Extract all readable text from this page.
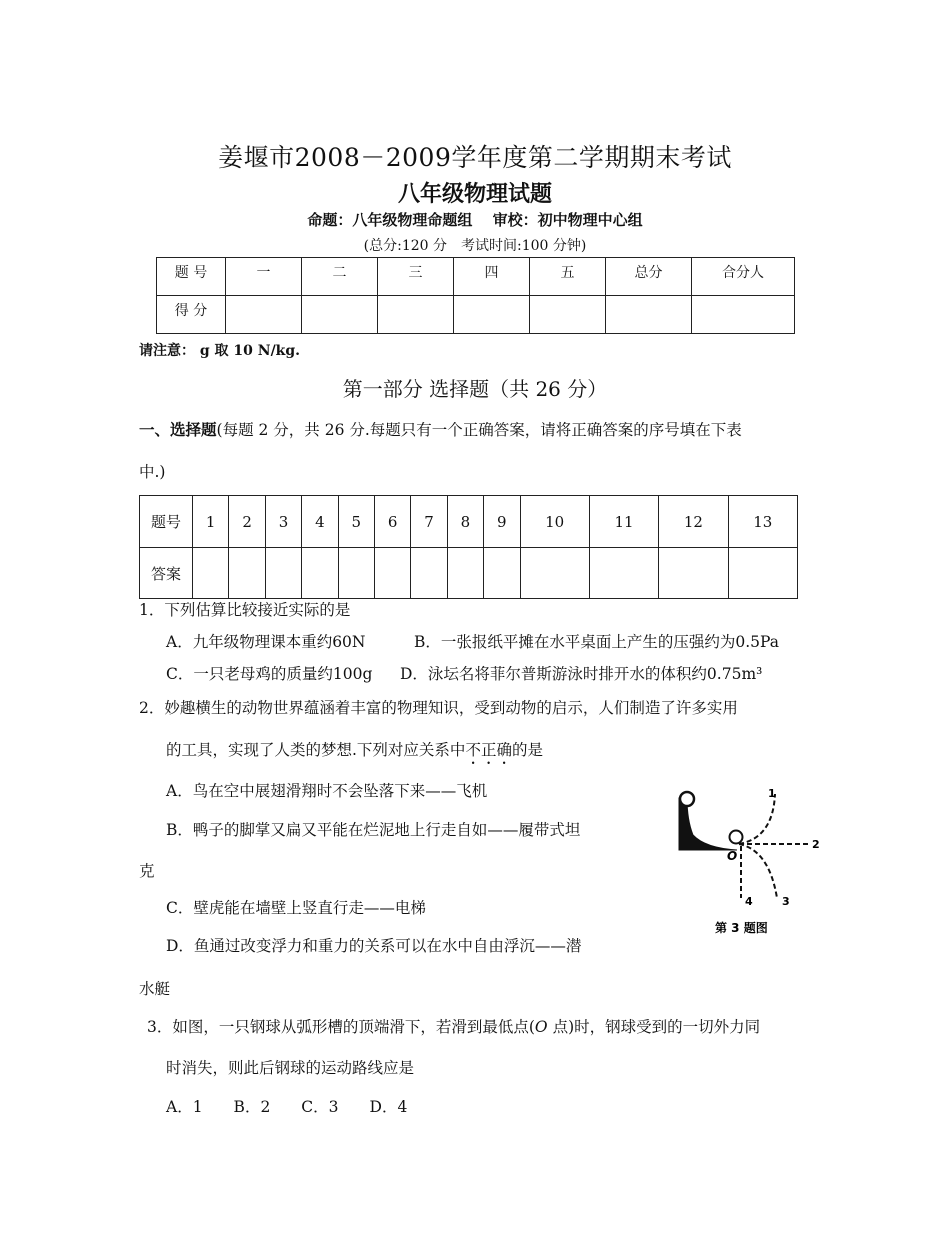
姜堰市2008－2009学年度第二学期期末考试
八年级物理试题
命题：八年级物理命题组　 审校：初中物理中心组
(总分:120 分　考试时间:100 分钟)
题 号	一	二	三	四	五	总分	合分人
得 分							
请注意： g 取 10 N/kg.
第一部分 选择题（共 26 分）
一、选择题(每题 2 分，共 26 分.每题只有一个正确答案，请将正确答案的序号填在下表
中.)
题号	1	2	3	4	5	6	7	8	9	10	11	12	13
答案													
1．下列估算比较接近实际的是
A．九年级物理课本重约60N	B．一张报纸平摊在水平桌面上产生的压强约为0.5Pa
C．一只老母鸡的质量约100g D．泳坛名将菲尔普斯游泳时排开水的体积约0.75m³
2．妙趣横生的动物世界蕴涵着丰富的物理知识，受到动物的启示，人们制造了许多实用
的工具，实现了人类的梦想.下列对应关系中不正确的是
A．鸟在空中展翅滑翔时不会坠落下来——飞机
B．鸭子的脚掌又扁又平能在烂泥地上行走自如——履带式坦
克
C．壁虎能在墙壁上竖直行走——电梯
D．鱼通过改变浮力和重力的关系可以在水中自由浮沉——潜
水艇
3．如图，一只钢球从弧形槽的顶端滑下，若滑到最低点(O 点)时，钢球受到的一切外力同
时消失，则此后钢球的运动路线应是
A．1　　B．2　　C．3　　D．4
O
1
2
3
4
第 3 题图
